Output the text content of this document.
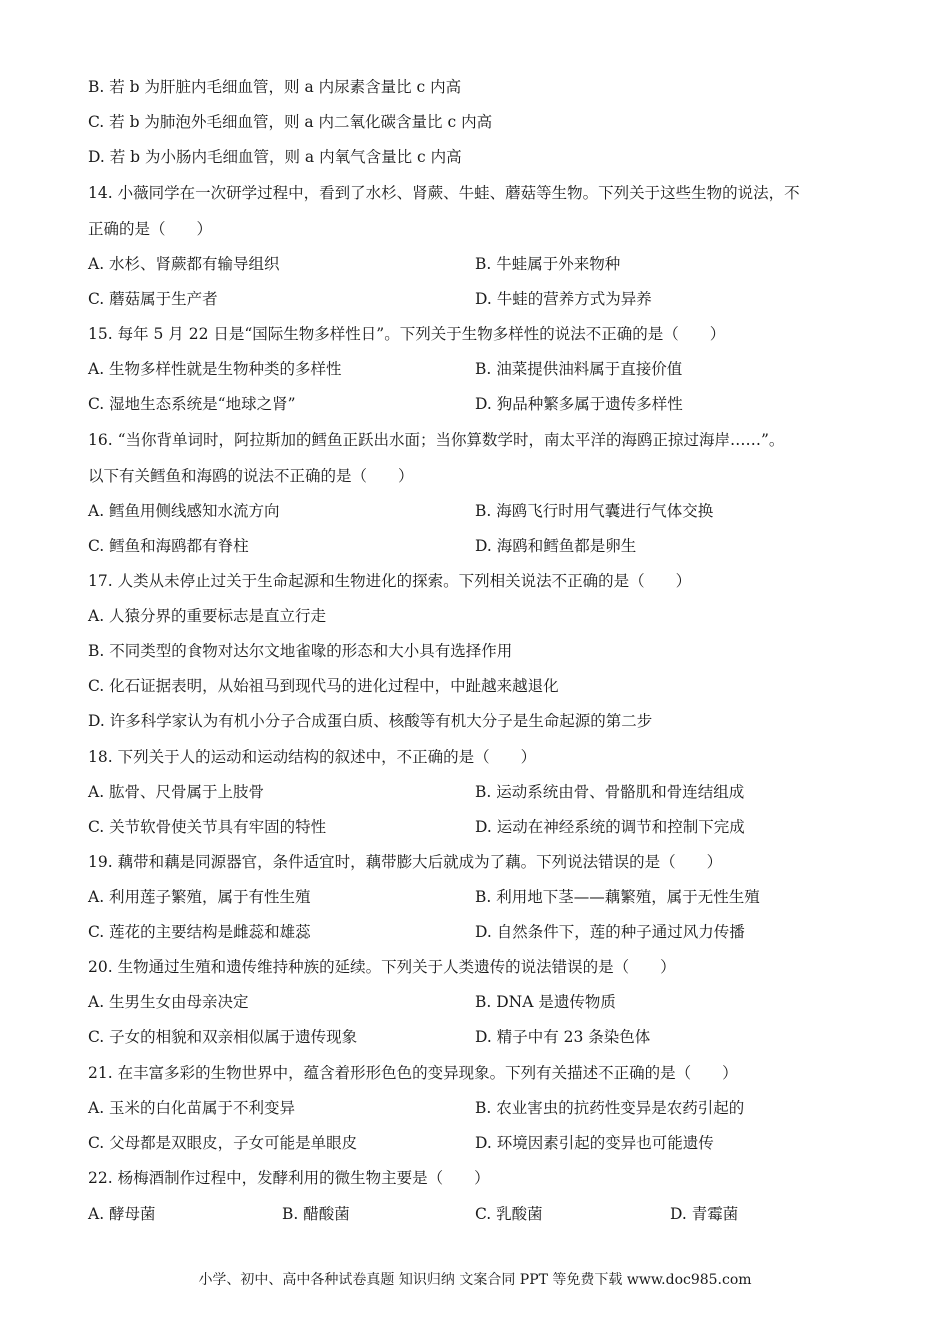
B. 若 b 为肝脏内毛细血管，则 a 内尿素含量比 c 内高
C. 若 b 为肺泡外毛细血管，则 a 内二氧化碳含量比 c 内高
D. 若 b 为小肠内毛细血管，则 a 内氧气含量比 c 内高
14. 小薇同学在一次研学过程中，看到了水杉、肾蕨、牛蛙、蘑菇等生物。下列关于这些生物的说法，不
正确的是（　　）
A. 水杉、肾蕨都有输导组织	B. 牛蛙属于外来物种
C. 蘑菇属于生产者	D. 牛蛙的营养方式为异养
15. 每年 5 月 22 日是“国际生物多样性日”。下列关于生物多样性的说法不正确的是（　　）
A. 生物多样性就是生物种类的多样性	B. 油菜提供油料属于直接价值
C. 湿地生态系统是“地球之肾”	D. 狗品种繁多属于遗传多样性
16. “当你背单词时，阿拉斯加的鳕鱼正跃出水面；当你算数学时，南太平洋的海鸥正掠过海岸……”。
以下有关鳕鱼和海鸥的说法不正确的是（　　）
A. 鳕鱼用侧线感知水流方向	B. 海鸥飞行时用气囊进行气体交换
C. 鳕鱼和海鸥都有脊柱	D. 海鸥和鳕鱼都是卵生
17. 人类从未停止过关于生命起源和生物进化的探索。下列相关说法不正确的是（　　）
A. 人猿分界的重要标志是直立行走
B. 不同类型的食物对达尔文地雀喙的形态和大小具有选择作用
C. 化石证据表明，从始祖马到现代马的进化过程中，中趾越来越退化
D. 许多科学家认为有机小分子合成蛋白质、核酸等有机大分子是生命起源的第二步
18. 下列关于人的运动和运动结构的叙述中，不正确的是（　　）
A. 肱骨、尺骨属于上肢骨	B. 运动系统由骨、骨骼肌和骨连结组成
C. 关节软骨使关节具有牢固的特性	D. 运动在神经系统的调节和控制下完成
19. 藕带和藕是同源器官，条件适宜时，藕带膨大后就成为了藕。下列说法错误的是（　　）
A. 利用莲子繁殖，属于有性生殖	B. 利用地下茎——藕繁殖，属于无性生殖
C. 莲花的主要结构是雌蕊和雄蕊	D. 自然条件下，莲的种子通过风力传播
20. 生物通过生殖和遗传维持种族的延续。下列关于人类遗传的说法错误的是（　　）
A. 生男生女由母亲决定	B. DNA 是遗传物质
C. 子女的相貌和双亲相似属于遗传现象	D. 精子中有 23 条染色体
21. 在丰富多彩的生物世界中，蕴含着形形色色的变异现象。下列有关描述不正确的是（　　）
A. 玉米的白化苗属于不利变异	B. 农业害虫的抗药性变异是农药引起的
C. 父母都是双眼皮，子女可能是单眼皮	D. 环境因素引起的变异也可能遗传
22. 杨梅酒制作过程中，发酵利用的微生物主要是（　　）
A. 酵母菌	B. 醋酸菌	C. 乳酸菌	D. 青霉菌
小学、初中、高中各种试卷真题 知识归纳 文案合同 PPT 等免费下载 www.doc985.com
